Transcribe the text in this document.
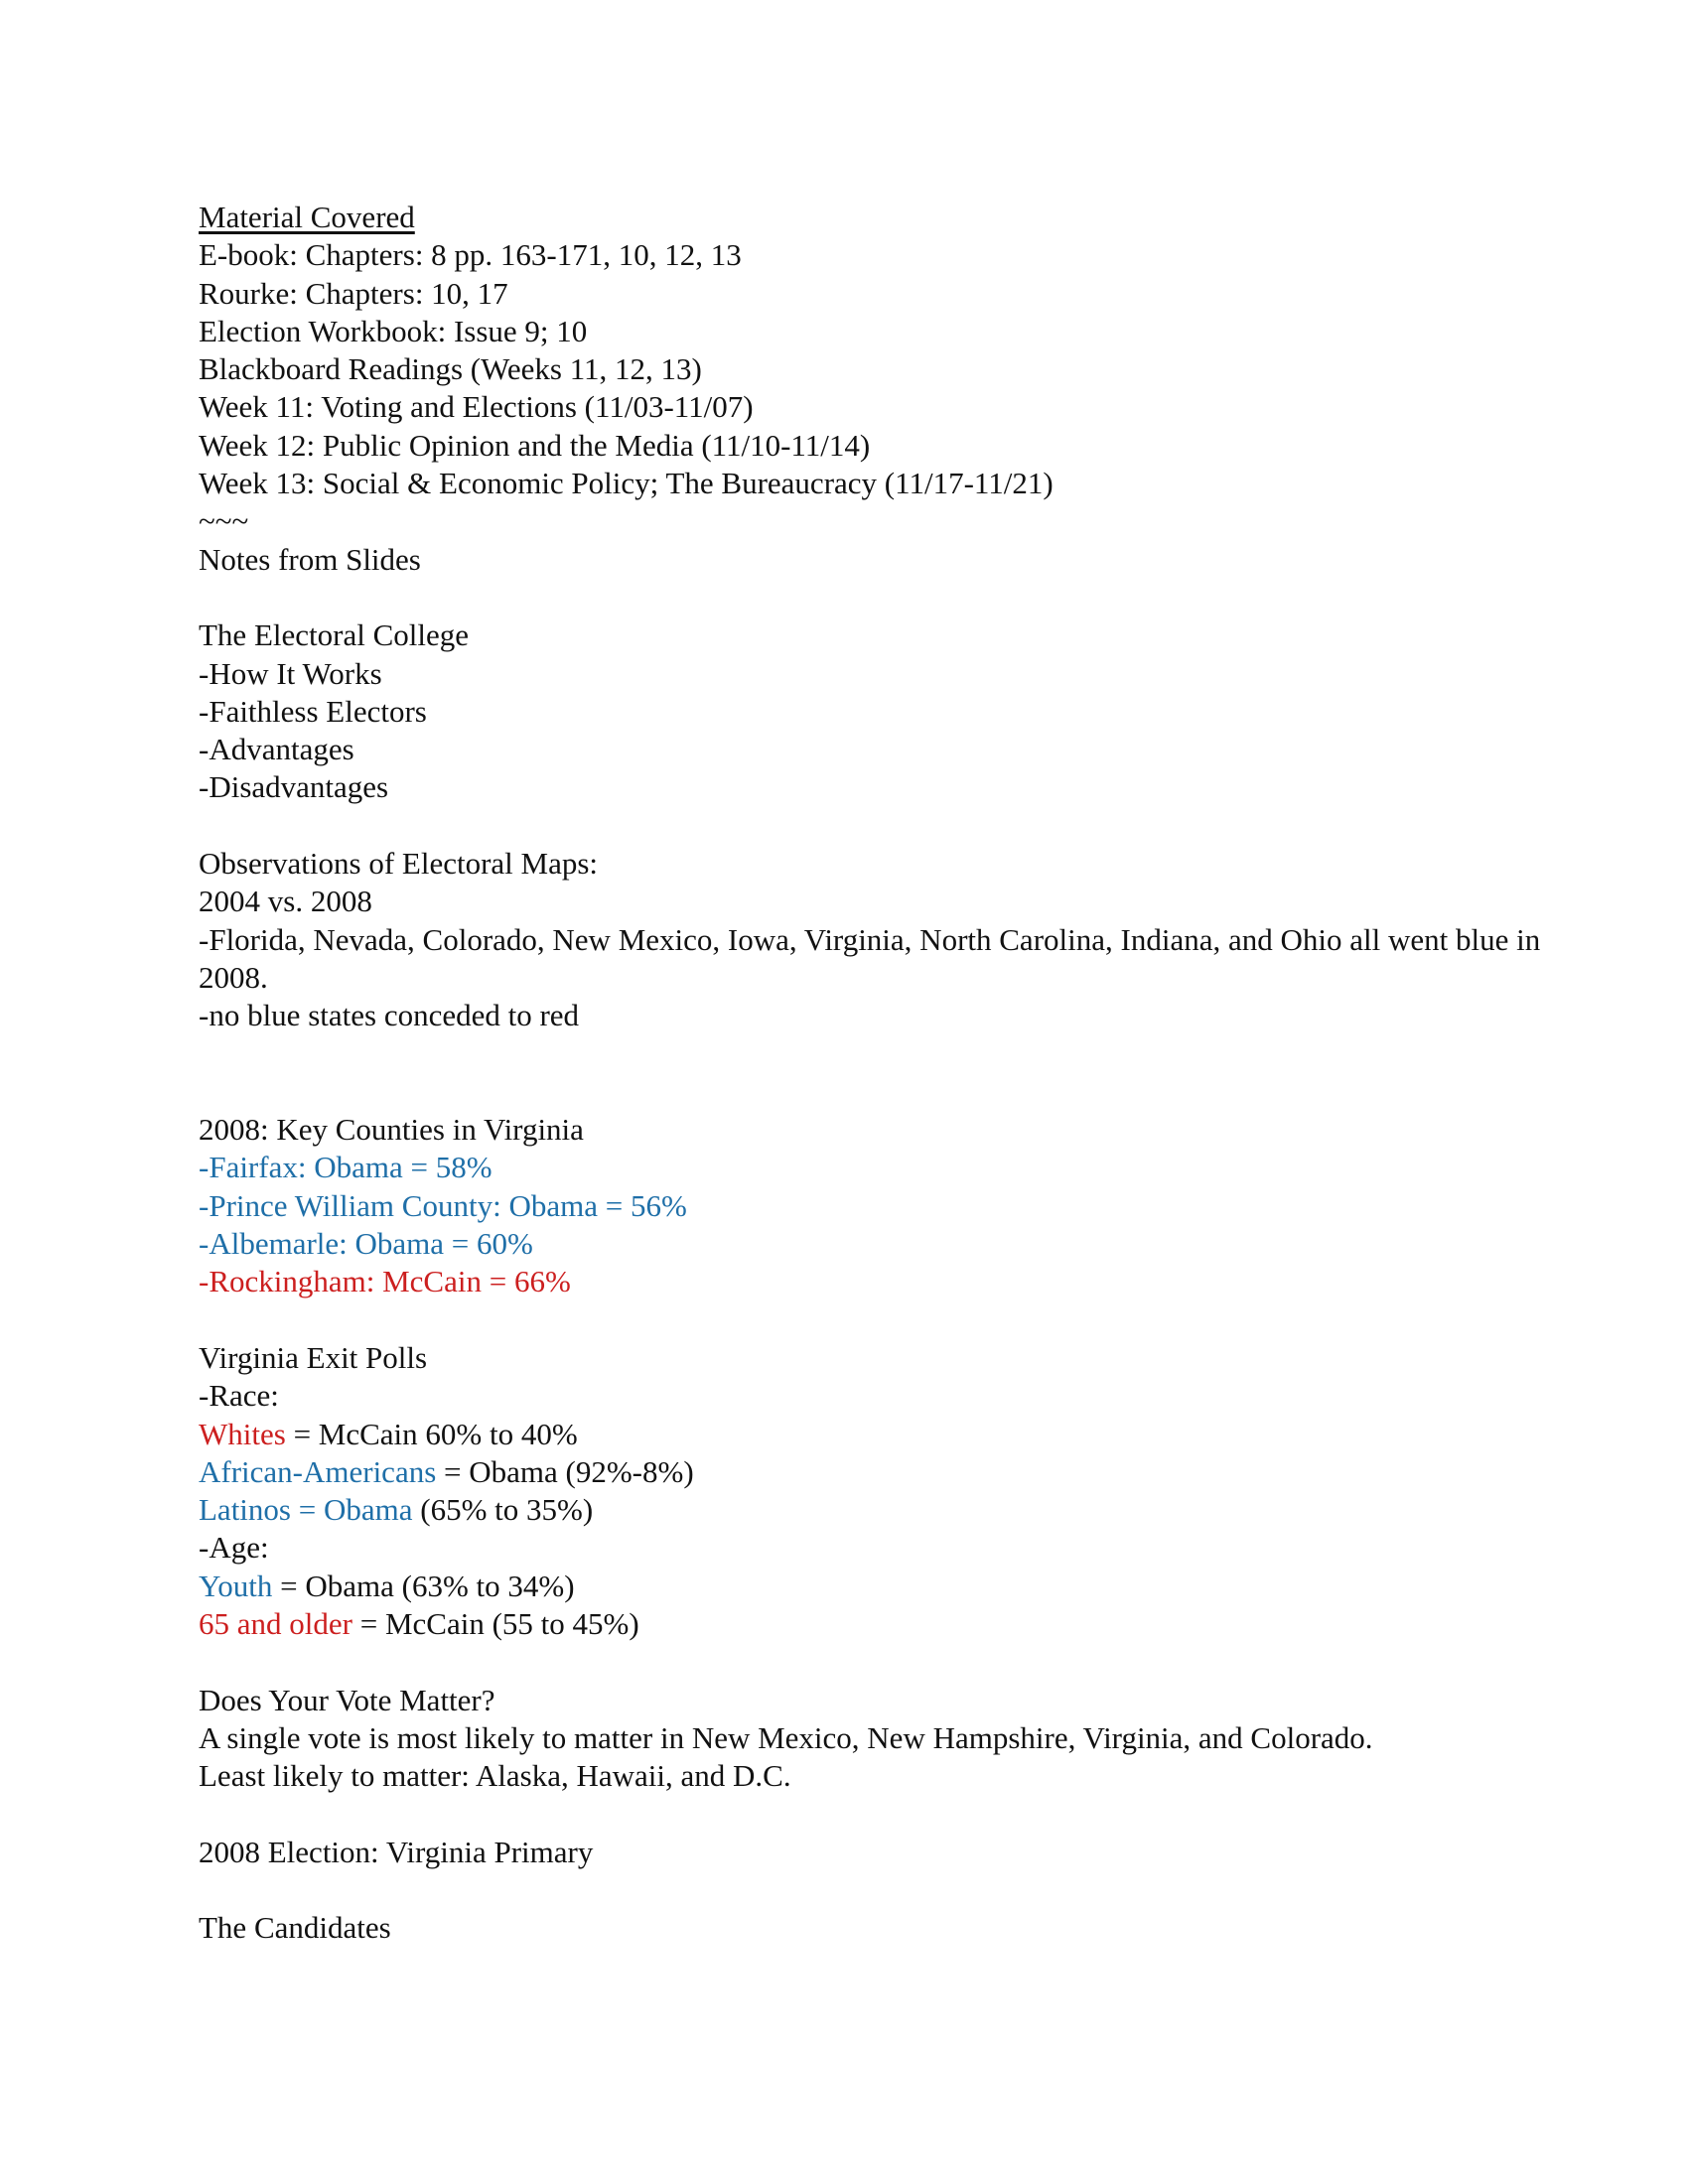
Material Covered
E-book: Chapters: 8 pp. 163-171, 10, 12, 13
Rourke: Chapters: 10, 17
Election Workbook: Issue 9; 10
Blackboard Readings (Weeks 11, 12, 13)
Week 11: Voting and Elections (11/03-11/07)
Week 12: Public Opinion and the Media (11/10-11/14)
Week 13: Social & Economic Policy; The Bureaucracy (11/17-11/21)
~~~
Notes from Slides
The Electoral College
-How It Works
-Faithless Electors
-Advantages
-Disadvantages
Observations of Electoral Maps:
2004 vs. 2008
-Florida, Nevada, Colorado, New Mexico, Iowa, Virginia, North Carolina, Indiana, and Ohio all went blue in 2008.
-no blue states conceded to red
2008: Key Counties in Virginia
-Fairfax: Obama = 58%
-Prince William County: Obama = 56%
-Albemarle: Obama = 60%
-Rockingham: McCain = 66%
Virginia Exit Polls
-Race:
Whites = McCain 60% to 40%
African-Americans = Obama (92%-8%)
Latinos = Obama (65% to 35%)
-Age:
Youth = Obama (63% to 34%)
65 and older = McCain (55 to 45%)
Does Your Vote Matter?
A single vote is most likely to matter in New Mexico, New Hampshire, Virginia, and Colorado.
Least likely to matter: Alaska, Hawaii, and D.C.
2008 Election: Virginia Primary
The Candidates
